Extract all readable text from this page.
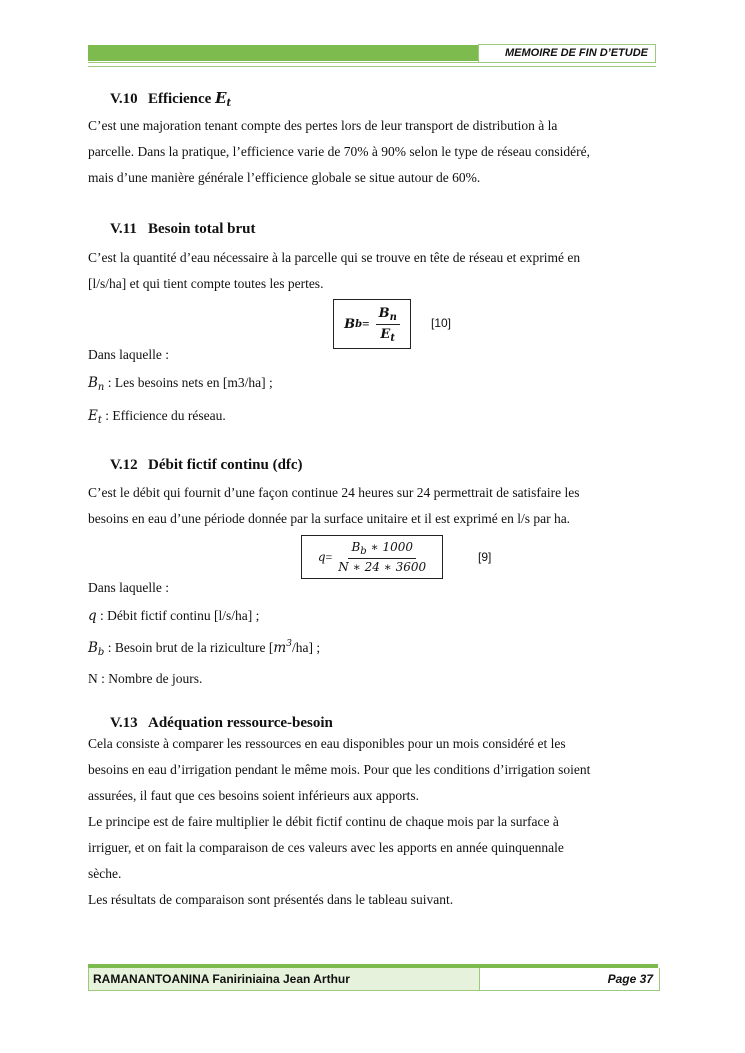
MEMOIRE DE FIN D’ETUDE
V.10 Efficience $E_t$
C’est une majoration tenant compte des pertes lors de leur transport de distribution à la
parcelle. Dans la pratique, l’efficience varie de 70% à 90% selon le type de réseau considéré,
mais d’une manière générale l’efficience globale se situe autour de 60%.
V.11 Besoin total brut
C’est la quantité d’eau nécessaire à la parcelle qui se trouve en tête de réseau et exprimé en
[l/s/ha] et qui tient compte toutes les pertes.
B $b = \frac{B_n}{E_t}$	[10]
Dans laquelle :
$B_n$ : Les besoins nets en [m3/ha] ;
$E_t$ : Efficience du réseau.
V.12 Débit fictif continu (dfc)
C’est le débit qui fournit d’une façon continue 24 heures sur 24 permettrait de satisfaire les
besoins en eau d’une période donnée par la surface unitaire et il est exprimé en l/s par ha.
$q = \frac{B_b ∗ 1000}{N ∗ 24 ∗ 3600}$	[9]
Dans laquelle :
q : Débit fictif continu [l/s/ha] ;
$B_b$ : Besoin brut de la riziculture $[m^3/ha]$ ;
N : Nombre de jours.
V.13 Adéquation ressource-besoin
Cela consiste à comparer les ressources en eau disponibles pour un mois considéré et les
besoins en eau d’irrigation pendant le même mois. Pour que les conditions d’irrigation soient
assurées, il faut que ces besoins soient inférieurs aux apports.
Le principe est de faire multiplier le débit fictif continu de chaque mois par la surface à
irriguer, et on fait la comparaison de ces valeurs avec les apports en année quinquennale
sèche.
Les résultats de comparaison sont présentés dans le tableau suivant.
RAMANANTOANINA Faniriniaina Jean Arthur	Page 37
